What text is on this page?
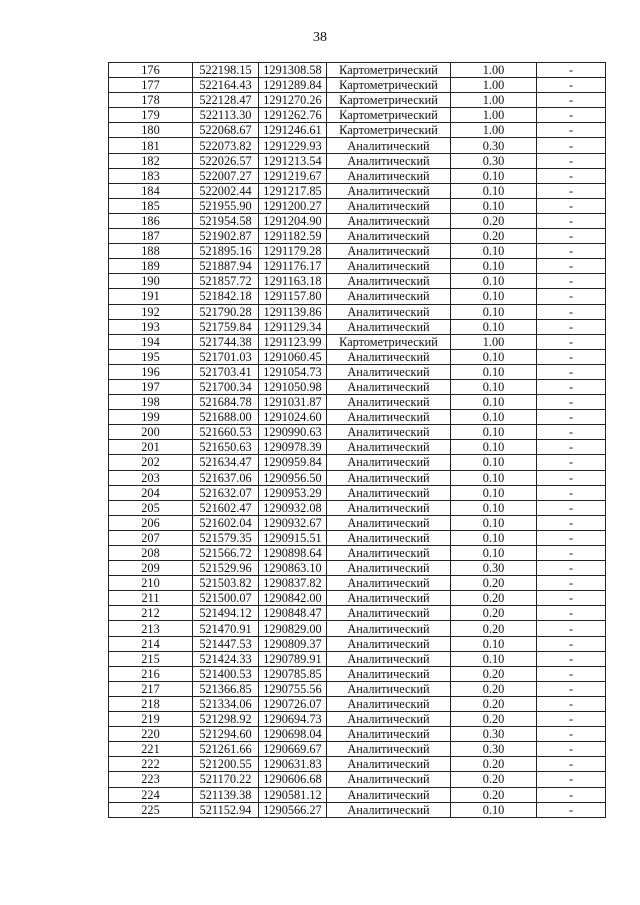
38
176	522198.15	1291308.58	Картометрический	1.00	-
177	522164.43	1291289.84	Картометрический	1.00	-
178	522128.47	1291270.26	Картометрический	1.00	-
179	522113.30	1291262.76	Картометрический	1.00	-
180	522068.67	1291246.61	Картометрический	1.00	-
181	522073.82	1291229.93	Аналитический	0.30	-
182	522026.57	1291213.54	Аналитический	0.30	-
183	522007.27	1291219.67	Аналитический	0.10	-
184	522002.44	1291217.85	Аналитический	0.10	-
185	521955.90	1291200.27	Аналитический	0.10	-
186	521954.58	1291204.90	Аналитический	0.20	-
187	521902.87	1291182.59	Аналитический	0.20	-
188	521895.16	1291179.28	Аналитический	0.10	-
189	521887.94	1291176.17	Аналитический	0.10	-
190	521857.72	1291163.18	Аналитический	0.10	-
191	521842.18	1291157.80	Аналитический	0.10	-
192	521790.28	1291139.86	Аналитический	0.10	-
193	521759.84	1291129.34	Аналитический	0.10	-
194	521744.38	1291123.99	Картометрический	1.00	-
195	521701.03	1291060.45	Аналитический	0.10	-
196	521703.41	1291054.73	Аналитический	0.10	-
197	521700.34	1291050.98	Аналитический	0.10	-
198	521684.78	1291031.87	Аналитический	0.10	-
199	521688.00	1291024.60	Аналитический	0.10	-
200	521660.53	1290990.63	Аналитический	0.10	-
201	521650.63	1290978.39	Аналитический	0.10	-
202	521634.47	1290959.84	Аналитический	0.10	-
203	521637.06	1290956.50	Аналитический	0.10	-
204	521632.07	1290953.29	Аналитический	0.10	-
205	521602.47	1290932.08	Аналитический	0.10	-
206	521602.04	1290932.67	Аналитический	0.10	-
207	521579.35	1290915.51	Аналитический	0.10	-
208	521566.72	1290898.64	Аналитический	0.10	-
209	521529.96	1290863.10	Аналитический	0.30	-
210	521503.82	1290837.82	Аналитический	0.20	-
211	521500.07	1290842.00	Аналитический	0.20	-
212	521494.12	1290848.47	Аналитический	0.20	-
213	521470.91	1290829.00	Аналитический	0.20	-
214	521447.53	1290809.37	Аналитический	0.10	-
215	521424.33	1290789.91	Аналитический	0.10	-
216	521400.53	1290785.85	Аналитический	0.20	-
217	521366.85	1290755.56	Аналитический	0.20	-
218	521334.06	1290726.07	Аналитический	0.20	-
219	521298.92	1290694.73	Аналитический	0.20	-
220	521294.60	1290698.04	Аналитический	0.30	-
221	521261.66	1290669.67	Аналитический	0.30	-
222	521200.55	1290631.83	Аналитический	0.20	-
223	521170.22	1290606.68	Аналитический	0.20	-
224	521139.38	1290581.12	Аналитический	0.20	-
225	521152.94	1290566.27	Аналитический	0.10	-
